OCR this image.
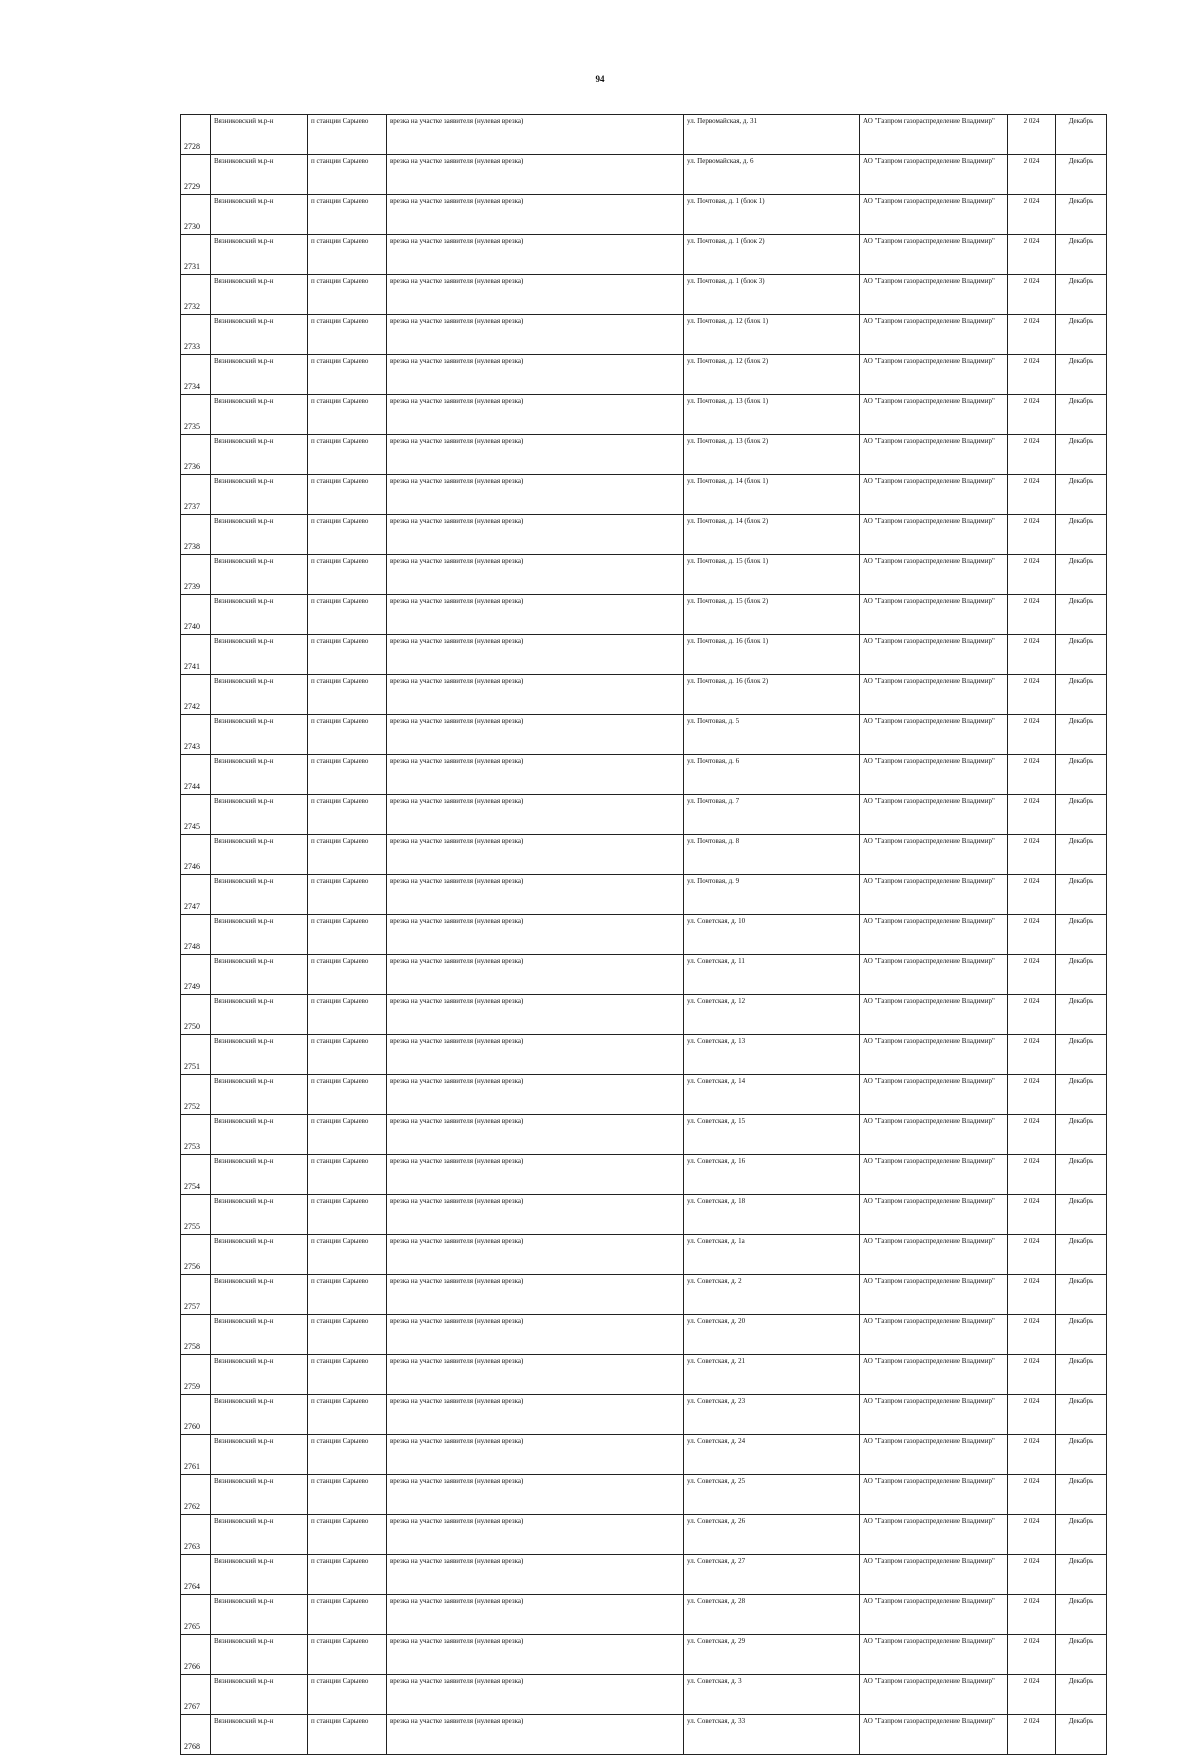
94
2728	Вязниковский м.р-н	п станции Сарыево	врезка на участке заявителя (нулевая врезка)	ул. Первомайская, д. 31	АО "Газпром газораспределение Владимир"	2 024	Декабрь
2729	Вязниковский м.р-н	п станции Сарыево	врезка на участке заявителя (нулевая врезка)	ул. Первомайская, д. 6	АО "Газпром газораспределение Владимир"	2 024	Декабрь
2730	Вязниковский м.р-н	п станции Сарыево	врезка на участке заявителя (нулевая врезка)	ул. Почтовая, д. 1 (блок 1)	АО "Газпром газораспределение Владимир"	2 024	Декабрь
2731	Вязниковский м.р-н	п станции Сарыево	врезка на участке заявителя (нулевая врезка)	ул. Почтовая, д. 1 (блок 2)	АО "Газпром газораспределение Владимир"	2 024	Декабрь
2732	Вязниковский м.р-н	п станции Сарыево	врезка на участке заявителя (нулевая врезка)	ул. Почтовая, д. 1 (блок 3)	АО "Газпром газораспределение Владимир"	2 024	Декабрь
2733	Вязниковский м.р-н	п станции Сарыево	врезка на участке заявителя (нулевая врезка)	ул. Почтовая, д. 12 (блок 1)	АО "Газпром газораспределение Владимир"	2 024	Декабрь
2734	Вязниковский м.р-н	п станции Сарыево	врезка на участке заявителя (нулевая врезка)	ул. Почтовая, д. 12 (блок 2)	АО "Газпром газораспределение Владимир"	2 024	Декабрь
2735	Вязниковский м.р-н	п станции Сарыево	врезка на участке заявителя (нулевая врезка)	ул. Почтовая, д. 13 (блок 1)	АО "Газпром газораспределение Владимир"	2 024	Декабрь
2736	Вязниковский м.р-н	п станции Сарыево	врезка на участке заявителя (нулевая врезка)	ул. Почтовая, д. 13 (блок 2)	АО "Газпром газораспределение Владимир"	2 024	Декабрь
2737	Вязниковский м.р-н	п станции Сарыево	врезка на участке заявителя (нулевая врезка)	ул. Почтовая, д. 14 (блок 1)	АО "Газпром газораспределение Владимир"	2 024	Декабрь
2738	Вязниковский м.р-н	п станции Сарыево	врезка на участке заявителя (нулевая врезка)	ул. Почтовая, д. 14 (блок 2)	АО "Газпром газораспределение Владимир"	2 024	Декабрь
2739	Вязниковский м.р-н	п станции Сарыево	врезка на участке заявителя (нулевая врезка)	ул. Почтовая, д. 15 (блок 1)	АО "Газпром газораспределение Владимир"	2 024	Декабрь
2740	Вязниковский м.р-н	п станции Сарыево	врезка на участке заявителя (нулевая врезка)	ул. Почтовая, д. 15 (блок 2)	АО "Газпром газораспределение Владимир"	2 024	Декабрь
2741	Вязниковский м.р-н	п станции Сарыево	врезка на участке заявителя (нулевая врезка)	ул. Почтовая, д. 16 (блок 1)	АО "Газпром газораспределение Владимир"	2 024	Декабрь
2742	Вязниковский м.р-н	п станции Сарыево	врезка на участке заявителя (нулевая врезка)	ул. Почтовая, д. 16 (блок 2)	АО "Газпром газораспределение Владимир"	2 024	Декабрь
2743	Вязниковский м.р-н	п станции Сарыево	врезка на участке заявителя (нулевая врезка)	ул. Почтовая, д. 5	АО "Газпром газораспределение Владимир"	2 024	Декабрь
2744	Вязниковский м.р-н	п станции Сарыево	врезка на участке заявителя (нулевая врезка)	ул. Почтовая, д. 6	АО "Газпром газораспределение Владимир"	2 024	Декабрь
2745	Вязниковский м.р-н	п станции Сарыево	врезка на участке заявителя (нулевая врезка)	ул. Почтовая, д. 7	АО "Газпром газораспределение Владимир"	2 024	Декабрь
2746	Вязниковский м.р-н	п станции Сарыево	врезка на участке заявителя (нулевая врезка)	ул. Почтовая, д. 8	АО "Газпром газораспределение Владимир"	2 024	Декабрь
2747	Вязниковский м.р-н	п станции Сарыево	врезка на участке заявителя (нулевая врезка)	ул. Почтовая, д. 9	АО "Газпром газораспределение Владимир"	2 024	Декабрь
2748	Вязниковский м.р-н	п станции Сарыево	врезка на участке заявителя (нулевая врезка)	ул. Советская, д. 10	АО "Газпром газораспределение Владимир"	2 024	Декабрь
2749	Вязниковский м.р-н	п станции Сарыево	врезка на участке заявителя (нулевая врезка)	ул. Советская, д. 11	АО "Газпром газораспределение Владимир"	2 024	Декабрь
2750	Вязниковский м.р-н	п станции Сарыево	врезка на участке заявителя (нулевая врезка)	ул. Советская, д. 12	АО "Газпром газораспределение Владимир"	2 024	Декабрь
2751	Вязниковский м.р-н	п станции Сарыево	врезка на участке заявителя (нулевая врезка)	ул. Советская, д. 13	АО "Газпром газораспределение Владимир"	2 024	Декабрь
2752	Вязниковский м.р-н	п станции Сарыево	врезка на участке заявителя (нулевая врезка)	ул. Советская, д. 14	АО "Газпром газораспределение Владимир"	2 024	Декабрь
2753	Вязниковский м.р-н	п станции Сарыево	врезка на участке заявителя (нулевая врезка)	ул. Советская, д. 15	АО "Газпром газораспределение Владимир"	2 024	Декабрь
2754	Вязниковский м.р-н	п станции Сарыево	врезка на участке заявителя (нулевая врезка)	ул. Советская, д. 16	АО "Газпром газораспределение Владимир"	2 024	Декабрь
2755	Вязниковский м.р-н	п станции Сарыево	врезка на участке заявителя (нулевая врезка)	ул. Советская, д. 18	АО "Газпром газораспределение Владимир"	2 024	Декабрь
2756	Вязниковский м.р-н	п станции Сарыево	врезка на участке заявителя (нулевая врезка)	ул. Советская, д. 1а	АО "Газпром газораспределение Владимир"	2 024	Декабрь
2757	Вязниковский м.р-н	п станции Сарыево	врезка на участке заявителя (нулевая врезка)	ул. Советская, д. 2	АО "Газпром газораспределение Владимир"	2 024	Декабрь
2758	Вязниковский м.р-н	п станции Сарыево	врезка на участке заявителя (нулевая врезка)	ул. Советская, д. 20	АО "Газпром газораспределение Владимир"	2 024	Декабрь
2759	Вязниковский м.р-н	п станции Сарыево	врезка на участке заявителя (нулевая врезка)	ул. Советская, д. 21	АО "Газпром газораспределение Владимир"	2 024	Декабрь
2760	Вязниковский м.р-н	п станции Сарыево	врезка на участке заявителя (нулевая врезка)	ул. Советская, д. 23	АО "Газпром газораспределение Владимир"	2 024	Декабрь
2761	Вязниковский м.р-н	п станции Сарыево	врезка на участке заявителя (нулевая врезка)	ул. Советская, д. 24	АО "Газпром газораспределение Владимир"	2 024	Декабрь
2762	Вязниковский м.р-н	п станции Сарыево	врезка на участке заявителя (нулевая врезка)	ул. Советская, д. 25	АО "Газпром газораспределение Владимир"	2 024	Декабрь
2763	Вязниковский м.р-н	п станции Сарыево	врезка на участке заявителя (нулевая врезка)	ул. Советская, д. 26	АО "Газпром газораспределение Владимир"	2 024	Декабрь
2764	Вязниковский м.р-н	п станции Сарыево	врезка на участке заявителя (нулевая врезка)	ул. Советская, д. 27	АО "Газпром газораспределение Владимир"	2 024	Декабрь
2765	Вязниковский м.р-н	п станции Сарыево	врезка на участке заявителя (нулевая врезка)	ул. Советская, д. 28	АО "Газпром газораспределение Владимир"	2 024	Декабрь
2766	Вязниковский м.р-н	п станции Сарыево	врезка на участке заявителя (нулевая врезка)	ул. Советская, д. 29	АО "Газпром газораспределение Владимир"	2 024	Декабрь
2767	Вязниковский м.р-н	п станции Сарыево	врезка на участке заявителя (нулевая врезка)	ул. Советская, д. 3	АО "Газпром газораспределение Владимир"	2 024	Декабрь
2768	Вязниковский м.р-н	п станции Сарыево	врезка на участке заявителя (нулевая врезка)	ул. Советская, д. 33	АО "Газпром газораспределение Владимир"	2 024	Декабрь
